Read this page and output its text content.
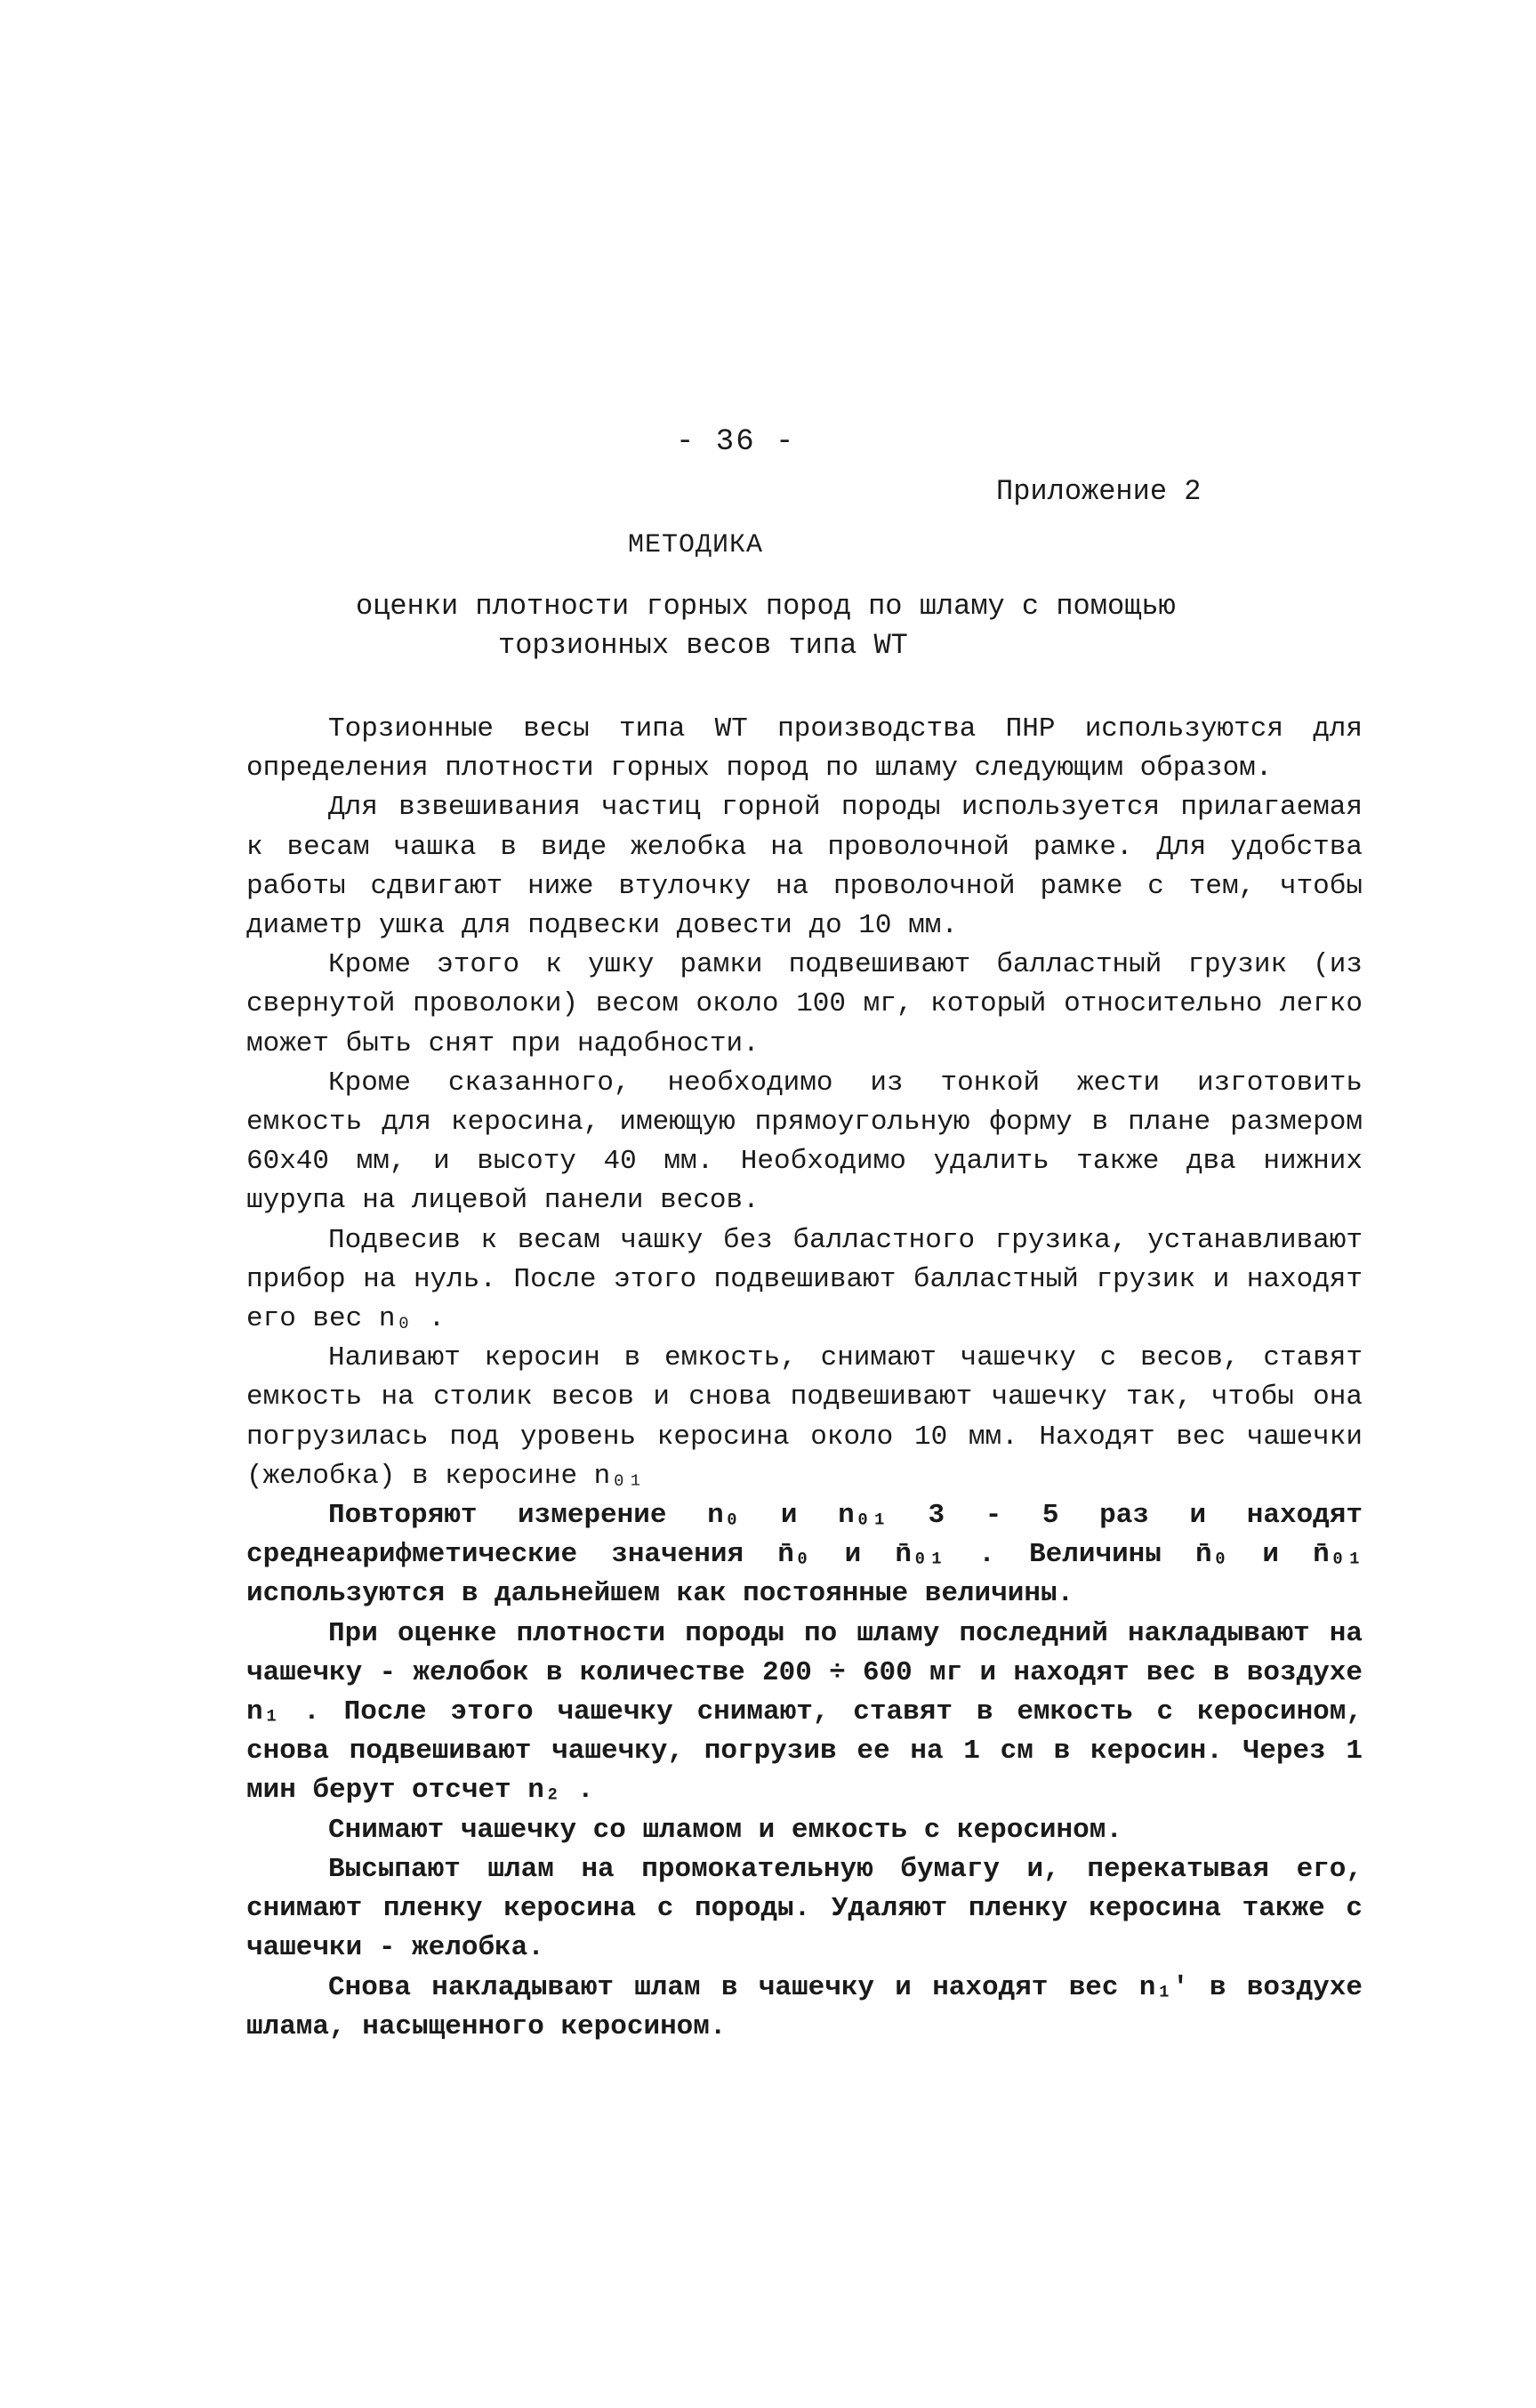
- 36 -
Приложение 2
МЕТОДИКА
оценки плотности горных пород по шламу с помощью
торзионных весов типа WT

Торзионные весы типа WT производства ПНР используются для определения плотности горных пород по шламу следующим образом.

Для взвешивания частиц горной породы используется прилагаемая к весам чашка в виде желобка на проволочной рамке. Для удобства работы сдвигают ниже втулочку на проволочной рамке с тем, чтобы диаметр ушка для подвески довести до 10 мм.

Кроме этого к ушку рамки подвешивают балластный грузик (из свернутой проволоки) весом около 100 мг, который относительно легко может быть снят при надобности.

Кроме сказанного, необходимо из тонкой жести изготовить емкость для керосина, имеющую прямоугольную форму в плане размером 60х40 мм, и высоту 40 мм. Необходимо удалить также два нижних шурупа на лицевой панели весов.

Подвесив к весам чашку без балластного грузика, устанавливают прибор на нуль. После этого подвешивают балластный грузик и находят его вес n₀ .

Наливают керосин в емкость, снимают чашечку с весов, ставят емкость на столик весов и снова подвешивают чашечку так, чтобы она погрузилась под уровень керосина около 10 мм. Находят вес чашечки (желобка) в керосине n₀₁

Повторяют измерение n₀ и n₀₁ 3 - 5 раз и находят среднеарифметические значения n̄₀ и n̄₀₁ . Величины n̄₀ и n̄₀₁ используются в дальнейшем как постоянные величины.

При оценке плотности породы по шламу последний накладывают на чашечку - желобок в количестве 200 ÷ 600 мг и находят вес в воздухе n₁ . После этого чашечку снимают, ставят в емкость с керосином, снова подвешивают чашечку, погрузив ее на 1 см в керосин. Через 1 мин берут отсчет n₂ .

Снимают чашечку со шламом и емкость с керосином.

Высыпают шлам на промокательную бумагу и, перекатывая его, снимают пленку керосина с породы. Удаляют пленку керосина также с чашечки - желобка.

Снова накладывают шлам в чашечку и находят вес n₁′ в воздухе шлама, насыщенного керосином.
